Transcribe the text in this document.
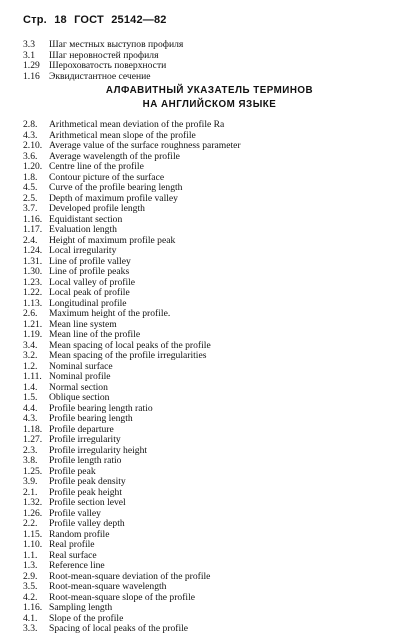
Стр. 18 ГОСТ 25142—82
3.3	Шаг местных выступов профиля
3.1	Шаг неровностей профиля
1.29 Шероховатость поверхности
1.16 Эквидистантное сечение
АЛФАВИТНЫЙ УКАЗАТЕЛЬ ТЕРМИНОВ
НА АНГЛИЙСКОМ ЯЗЫКЕ
2.8.	Arithmetical mean deviation of the profile Ra
4.3.	Arithmetical mean slope of the profile
2.10. Average value of the surface roughness parameter
3.6.	Average wavelength of the profile
1.20. Centre line of the profile
1.8.	Contour picture of the surface
4.5.	Curve of the profile bearing length
2.5.	Depth of maximum profile valley
3.7.	Developed profile length
1.16. Equidistant section
1.17. Evaluation length
2.4.	Height of maximum profile peak
1.24. Local irregularity
1.31. Line of profile valley
1.30. Line of profile peaks
1.23. Local valley of profile
1.22. Local peak of profile
1.13. Longitudinal profile
2.6.	Maximum height of the profile.
1.21. Mean line system
1.19. Mean line of the profile
3.4.	Mean spacing of local peaks of the profile
3.2.	Mean spacing of the profile irregularities
1.2.	Nominal surface
1.11. Nominal profile
1.4.	Normal section
1.5.	Oblique section
4.4.	Profile bearing length ratio
4.3.	Profile bearing length
1.18. Profile departure
1.27. Profile irregularity
2.3.	Profile irregularity height
3.8.	Profile length ratio
1.25. Profile peak
3.9.	Profile peak density
2.1.	Profile peak height
1.32. Profile section level
1.26. Profile valley
2.2.	Profile valley depth
1.15. Random profile
1.10. Real profile
1.1.	Real surface
1.3.	Reference line
2.9.	Root-mean-square deviation of the profile
3.5.	Root-mean-square wavelength
4.2.	Root-mean-square slope of the profile
1.16. Sampling length
4.1.	Slope of the profile
3.3.	Spacing of local peaks of the profile
